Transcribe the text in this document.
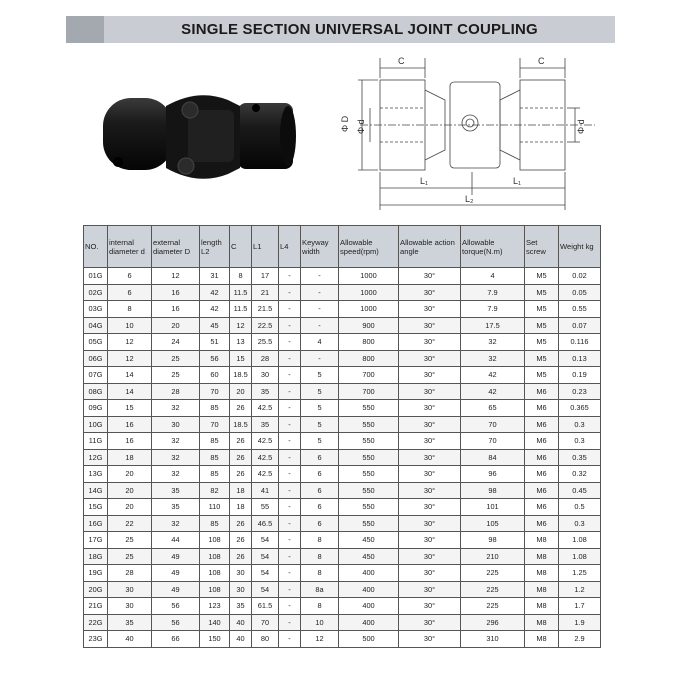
SINGLE SECTION UNIVERSAL JOINT COUPLING
C	C
Φ D Φ d	Φ d
L₁	L₁
L₂
NO.	internal diameter d	external diameter D	length L2	C	L1	L4	Keyway width	Allowable speed(rpm)	Allowable action angle	Allowable torque(N.m)	Set screw	Weight kg
01G	6	12	31	8	17	-	-	1000	30°	4	M5	0.02
02G	6	16	42	11.5	21	-	-	1000	30°	7.9	M5	0.05
03G	8	16	42	11.5	21.5	-	-	1000	30°	7.9	M5	0.55
04G	10	20	45	12	22.5	-	-	900	30°	17.5	M5	0.07
05G	12	24	51	13	25.5	-	4	800	30°	32	M5	0.116
06G	12	25	56	15	28	-	-	800	30°	32	M5	0.13
07G	14	25	60	18.5	30	-	5	700	30°	42	M5	0.19
08G	14	28	70	20	35	-	5	700	30°	42	M6	0.23
09G	15	32	85	26	42.5	-	5	550	30°	65	M6	0.365
10G	16	30	70	18.5	35	-	5	550	30°	70	M6	0.3
11G	16	32	85	26	42.5	-	5	550	30°	70	M6	0.3
12G	18	32	85	26	42.5	-	6	550	30°	84	M6	0.35
13G	20	32	85	26	42.5	-	6	550	30°	96	M6	0.32
14G	20	35	82	18	41	-	6	550	30°	98	M6	0.45
15G	20	35	110	18	55	-	6	550	30°	101	M6	0.5
16G	22	32	85	26	46.5	-	6	550	30°	105	M6	0.3
17G	25	44	108	26	54	-	8	450	30°	98	M8	1.08
18G	25	49	108	26	54	-	8	450	30°	210	M8	1.08
19G	28	49	108	30	54	-	8	400	30°	225	M8	1.25
20G	30	49	108	30	54	-	8a	400	30°	225	M8	1.2
21G	30	56	123	35	61.5	-	8	400	30°	225	M8	1.7
22G	35	56	140	40	70	-	10	400	30°	296	M8	1.9
23G	40	66	150	40	80	-	12	500	30°	310	M8	2.9
